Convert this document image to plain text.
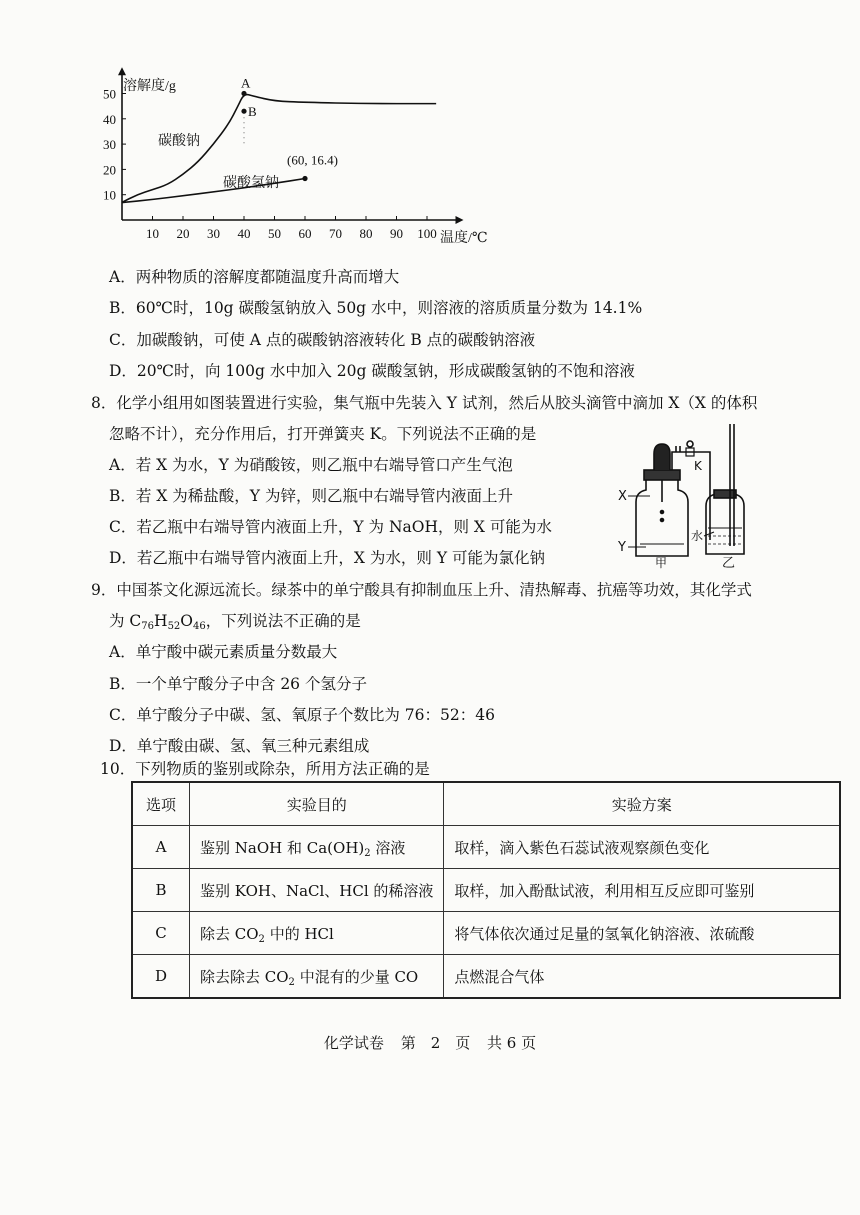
10 20 30 40 50 60 70 80 90 100
10
20
30
40
50
A
B
(60, 16.4)
溶解度/g
温度/℃
碳酸钠
碳酸氢钠
A．两种物质的溶解度都随温度升高而增大
B．60℃时，10g 碳酸氢钠放入 50g 水中，则溶液的溶质质量分数为 14.1%
C．加碳酸钠，可使 A 点的碳酸钠溶液转化 B 点的碳酸钠溶液
D．20℃时，向 100g 水中加入 20g 碳酸氢钠，形成碳酸氢钠的不饱和溶液
8．化学小组用如图装置进行实验，集气瓶中先装入 Y 试剂，然后从胶头滴管中滴加 X（X 的体积
忽略不计），充分作用后，打开弹簧夹 K。下列说法不正确的是
A．若 X 为水，Y 为硝酸铵，则乙瓶中右端导管口产生气泡
B．若 X 为稀盐酸，Y 为锌，则乙瓶中右端导管内液面上升
C．若乙瓶中右端导管内液面上升，Y 为 NaOH，则 X 可能为水
D．若乙瓶中右端导管内液面上升，X 为水，则 Y 可能为氯化钠
X
Y
K
水
甲	乙
9．中国茶文化源远流长。绿茶中的单宁酸具有抑制血压上升、清热解毒、抗癌等功效，其化学式
为 $C_{76}H_{52}O_{46}$，下列说法不正确的是
A．单宁酸中碳元素质量分数最大
B．一个单宁酸分子中含 26 个氢分子
C．单宁酸分子中碳、氢、氧原子个数比为 76：52：46
D．单宁酸由碳、氢、氧三种元素组成
10．下列物质的鉴别或除杂，所用方法正确的是
选项	实验目的	实验方案
A	鉴别 NaOH 和 $Ca(OH)_2$ 溶液	取样，滴入紫色石蕊试液观察颜色变化
B	鉴别 KOH、NaCl、HCl 的稀溶液	取样，加入酚酞试液，利用相互反应即可鉴别
C	除去 $CO_2$ 中的 HCl	将气体依次通过足量的氢氧化钠溶液、浓硫酸
D	除去除去 $CO_2$ 中混有的少量 CO	点燃混合气体
化学试卷 第　2　页 共 6 页
